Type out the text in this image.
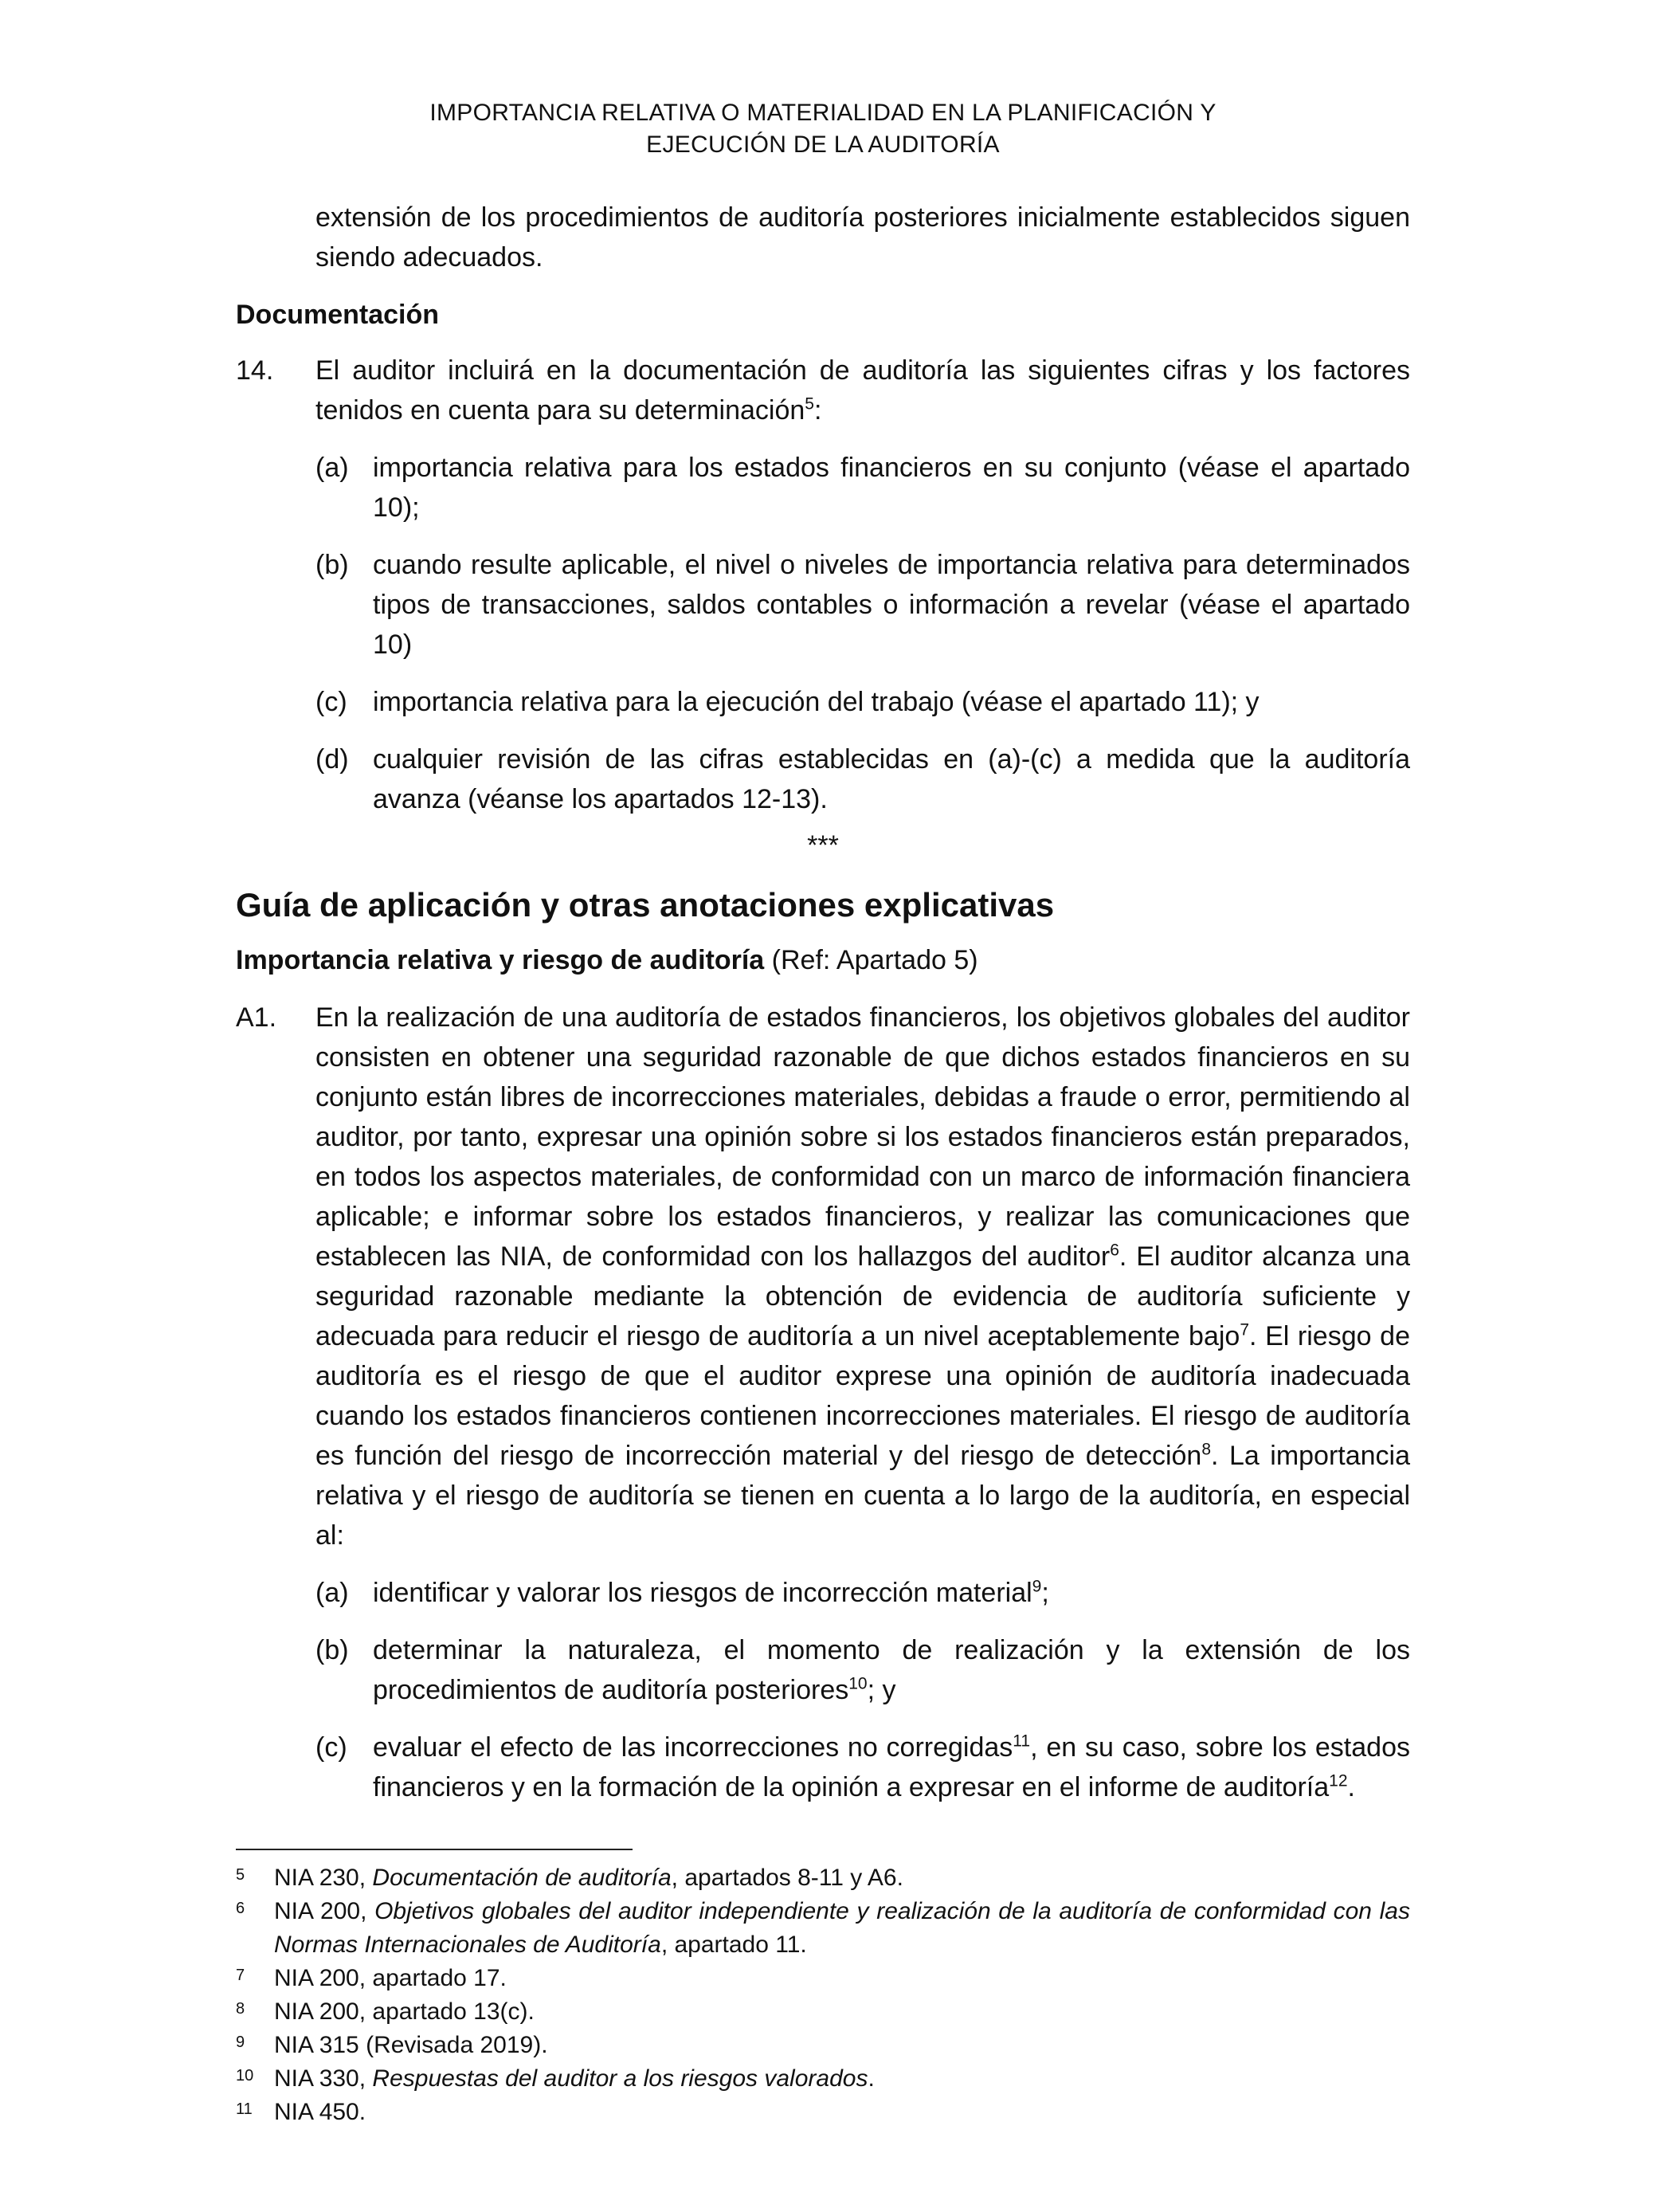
IMPORTANCIA RELATIVA O MATERIALIDAD EN LA PLANIFICACIÓN Y
EJECUCIÓN DE LA AUDITORÍA

extensión de los procedimientos de auditoría posteriores inicialmente establecidos siguen siendo adecuados.

Documentación

14.	El auditor incluirá en la documentación de auditoría las siguientes cifras y los factores tenidos en cuenta para su determinación$^5$:

(a) importancia relativa para los estados financieros en su conjunto (véase el apartado 10);
(b) cuando resulte aplicable, el nivel o niveles de importancia relativa para determinados tipos de transacciones, saldos contables o información a revelar (véase el apartado 10)
(c) importancia relativa para la ejecución del trabajo (véase el apartado 11); y
(d) cualquier revisión de las cifras establecidas en (a)-(c) a medida que la auditoría avanza (véanse los apartados 12-13).
***
Guía de aplicación y otras anotaciones explicativas

Importancia relativa y riesgo de auditoría (Ref: Apartado 5)

A1.	En la realización de una auditoría de estados financieros, los objetivos globales del auditor consisten en obtener una seguridad razonable de que dichos estados financieros en su conjunto están libres de incorrecciones materiales, debidas a fraude o error, permitiendo al auditor, por tanto, expresar una opinión sobre si los estados financieros están preparados, en todos los aspectos materiales, de conformidad con un marco de información financiera aplicable; e informar sobre los estados financieros, y realizar las comunicaciones que establecen las NIA, de conformidad con los hallazgos del auditor$^6$. El auditor alcanza una seguridad razonable mediante la obtención de evidencia de auditoría suficiente y adecuada para reducir el riesgo de auditoría a un nivel aceptablemente bajo$^7$. El riesgo de auditoría es el riesgo de que el auditor exprese una opinión de auditoría inadecuada cuando los estados financieros contienen incorrecciones materiales. El riesgo de auditoría es función del riesgo de incorrección material y del riesgo de detección$^8$. La importancia relativa y el riesgo de auditoría se tienen en cuenta a lo largo de la auditoría, en especial al:

(a) identificar y valorar los riesgos de incorrección material$^9$;
(b) determinar la naturaleza, el momento de realización y la extensión de los procedimientos de auditoría posteriores$^{10}$; y
(c) evaluar el efecto de las incorrecciones no corregidas$^{11}$, en su caso, sobre los estados financieros y en la formación de la opinión a expresar en el informe de auditoría$^{12}$.
5	NIA 230, Documentación de auditoría, apartados 8-11 y A6.
6	NIA 200, Objetivos globales del auditor independiente y realización de la auditoría de conformidad con las Normas Internacionales de Auditoría, apartado 11.
7	NIA 200, apartado 17.
8	NIA 200, apartado 13(c).
9	NIA 315 (Revisada 2019).
10 NIA 330, Respuestas del auditor a los riesgos valorados.
11 NIA 450.
